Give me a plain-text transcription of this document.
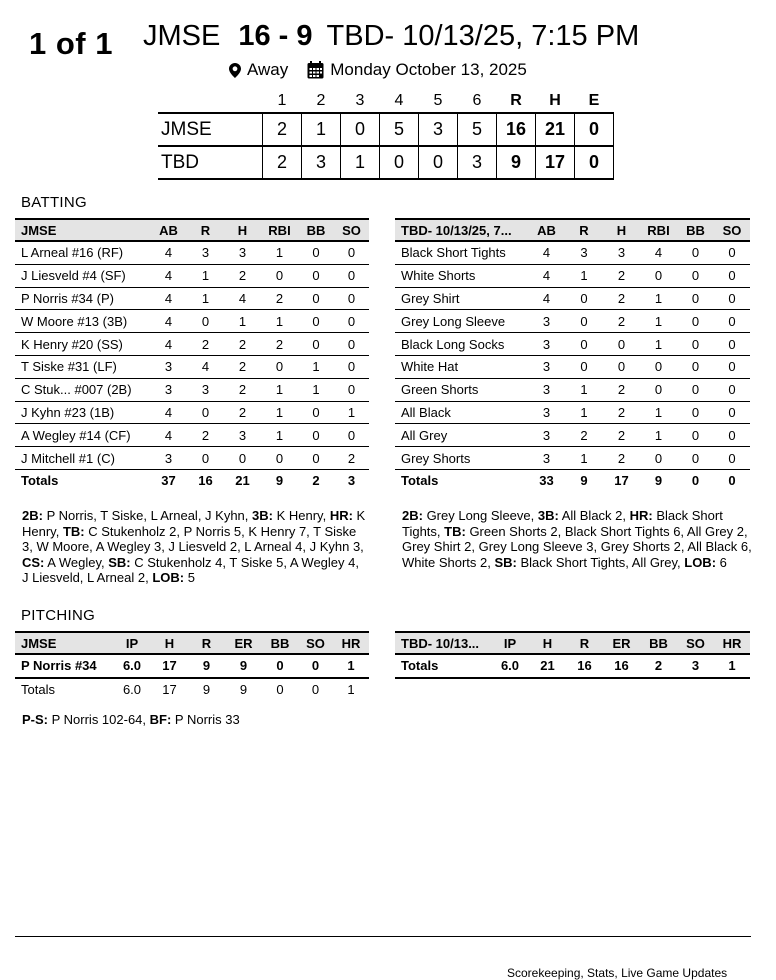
1 of 1 JMSE 16 - 9 TBD- 10/13/25, 7:15 PM
Away Monday October 13, 2025
	1	2	3	4	5	6	R	H	E
JMSE	2	1	0	5	3	5	16	21	0
TBD	2	3	1	0	0	3	9	17	0
BATTING
JMSE	AB	R	H	RBI	BB	SO
L Arneal #16 (RF)	4	3	3	1	0	0
J Liesveld #4 (SF)	4	1	2	0	0	0
P Norris #34 (P)	4	1	4	2	0	0
W Moore #13 (3B)	4	0	1	1	0	0
K Henry #20 (SS)	4	2	2	2	0	0
T Siske #31 (LF)	3	4	2	0	1	0
C Stuk... #007 (2B)	3	3	2	1	1	0
J Kyhn #23 (1B)	4	0	2	1	0	1
A Wegley #14 (CF)	4	2	3	1	0	0
J Mitchell #1 (C)	3	0	0	0	0	2
Totals	37	16	21	9	2	3
TBD- 10/13/25, 7...	AB	R	H	RBI	BB	SO
Black Short Tights	4	3	3	4	0	0
White Shorts	4	1	2	0	0	0
Grey Shirt	4	0	2	1	0	0
Grey Long Sleeve	3	0	2	1	0	0
Black Long Socks	3	0	0	1	0	0
White Hat	3	0	0	0	0	0
Green Shorts	3	1	2	0	0	0
All Black	3	1	2	1	0	0
All Grey	3	2	2	1	0	0
Grey Shorts	3	1	2	0	0	0
Totals	33	9	17	9	0	0
2B: P Norris, T Siske, L Arneal, J Kyhn, 3B: K Henry, HR: K Henry, TB: C Stukenholz 2, P Norris 5, K Henry 7, T Siske 3, W Moore, A Wegley 3, J Liesveld 2, L Arneal 4, J Kyhn 3, CS: A Wegley, SB: C Stukenholz 4, T Siske 5, A Wegley 4, J Liesveld, L Arneal 2, LOB: 5
2B: Grey Long Sleeve, 3B: All Black 2, HR: Black Short Tights, TB: Green Shorts 2, Black Short Tights 6, All Grey 2, Grey Shirt 2, Grey Long Sleeve 3, Grey Shorts 2, All Black 6, White Shorts 2, SB: Black Short Tights, All Grey, LOB: 6
PITCHING
JMSE	IP	H	R	ER	BB	SO	HR
P Norris #34	6.0	17	9	9	0	0	1
Totals	6.0	17	9	9	0	0	1
TBD- 10/13...	IP	H	R	ER	BB	SO	HR
Totals	6.0	21	16	16	2	3	1
P-S: P Norris 102-64, BF: P Norris 33
Scorekeeping, Stats, Live Game Updates
